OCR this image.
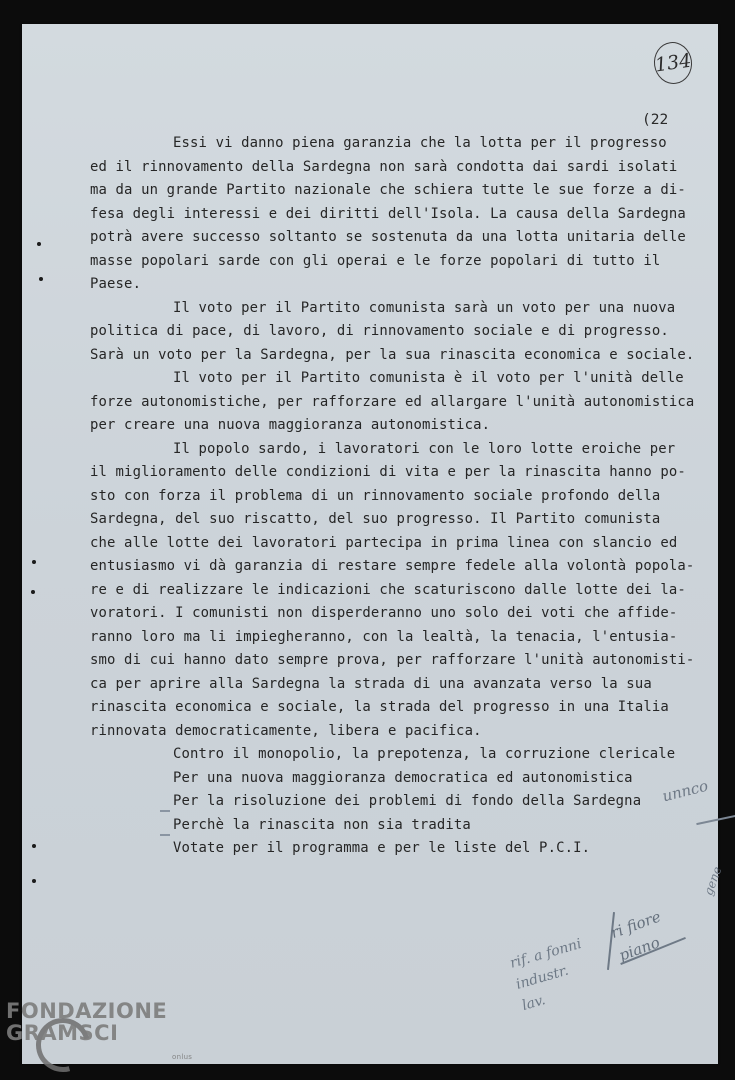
134
(22
Essi vi danno piena garanzia che la lotta per il progresso
ed il rinnovamento della Sardegna non sarà condotta dai sardi isolati
ma da un grande Partito nazionale che schiera tutte le sue forze a di-
fesa degli interessi e dei diritti dell'Isola. La causa della Sardegna
potrà avere successo soltanto se sostenuta da una lotta unitaria delle
masse popolari sarde con gli operai e le forze popolari di tutto il
Paese.
Il voto per il Partito comunista sarà un voto per una nuova
politica di pace, di lavoro, di rinnovamento sociale e di progresso.
Sarà un voto per la Sardegna, per la sua rinascita economica e sociale.
Il voto per il Partito comunista è il voto per l'unità delle
forze autonomistiche, per rafforzare ed allargare l'unità autonomistica
per creare una nuova maggioranza autonomistica.
Il popolo sardo, i lavoratori con le loro lotte eroiche per
il miglioramento delle condizioni di vita e per la rinascita hanno po-
sto con forza il problema di un rinnovamento sociale profondo della
Sardegna, del suo riscatto, del suo progresso. Il Partito comunista
che alle lotte dei lavoratori partecipa in prima linea con slancio ed
entusiasmo vi dà garanzia di restare sempre fedele alla volontà popola-
re e di realizzare le indicazioni che scaturiscono dalle lotte dei la-
voratori. I comunisti non disperderanno uno solo dei voti che affide-
ranno loro ma li impiegheranno, con la lealtà, la tenacia, l'entusia-
smo di cui hanno dato sempre prova, per rafforzare l'unità autonomisti-
ca per aprire alla Sardegna la strada di una avanzata verso la sua
rinascita economica e sociale, la strada del progresso in una Italia
rinnovata democraticamente, libera e pacifica.
Contro il monopolio, la prepotenza, la corruzione clericale
Per una nuova maggioranza democratica ed autonomistica
Per la risoluzione dei problemi di fondo della Sardegna
Perchè la rinascita non sia tradita
Votate per il programma e per le liste del P.C.I.
unnco
gene
rif. a fonni
industr.
lav.
ri fiore
piano
FONDAZIONE
GRAMSCI
onlus
